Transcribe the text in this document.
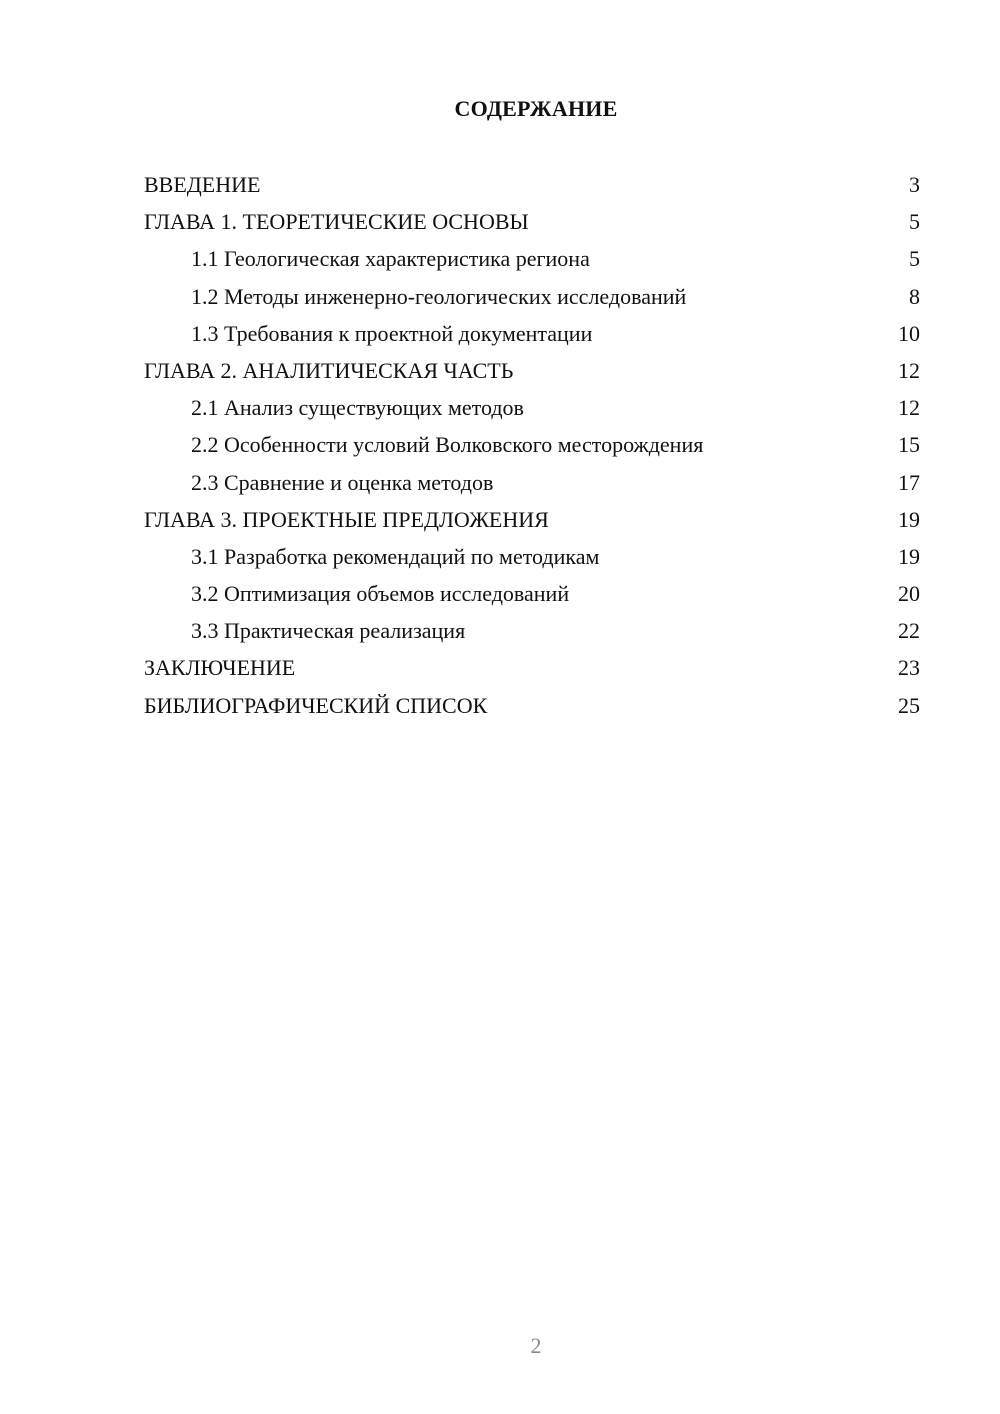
СОДЕРЖАНИЕ
ВВЕДЕНИЕ	3
ГЛАВА 1. ТЕОРЕТИЧЕСКИЕ ОСНОВЫ	5
1.1 Геологическая характеристика региона	5
1.2 Методы инженерно-геологических исследований	8
1.3 Требования к проектной документации	10
ГЛАВА 2. АНАЛИТИЧЕСКАЯ ЧАСТЬ	12
2.1 Анализ существующих методов	12
2.2 Особенности условий Волковского месторождения	15
2.3 Сравнение и оценка методов	17
ГЛАВА 3. ПРОЕКТНЫЕ ПРЕДЛОЖЕНИЯ	19
3.1 Разработка рекомендаций по методикам	19
3.2 Оптимизация объемов исследований	20
3.3 Практическая реализация	22
ЗАКЛЮЧЕНИЕ	23
БИБЛИОГРАФИЧЕСКИЙ СПИСОК	25
2
